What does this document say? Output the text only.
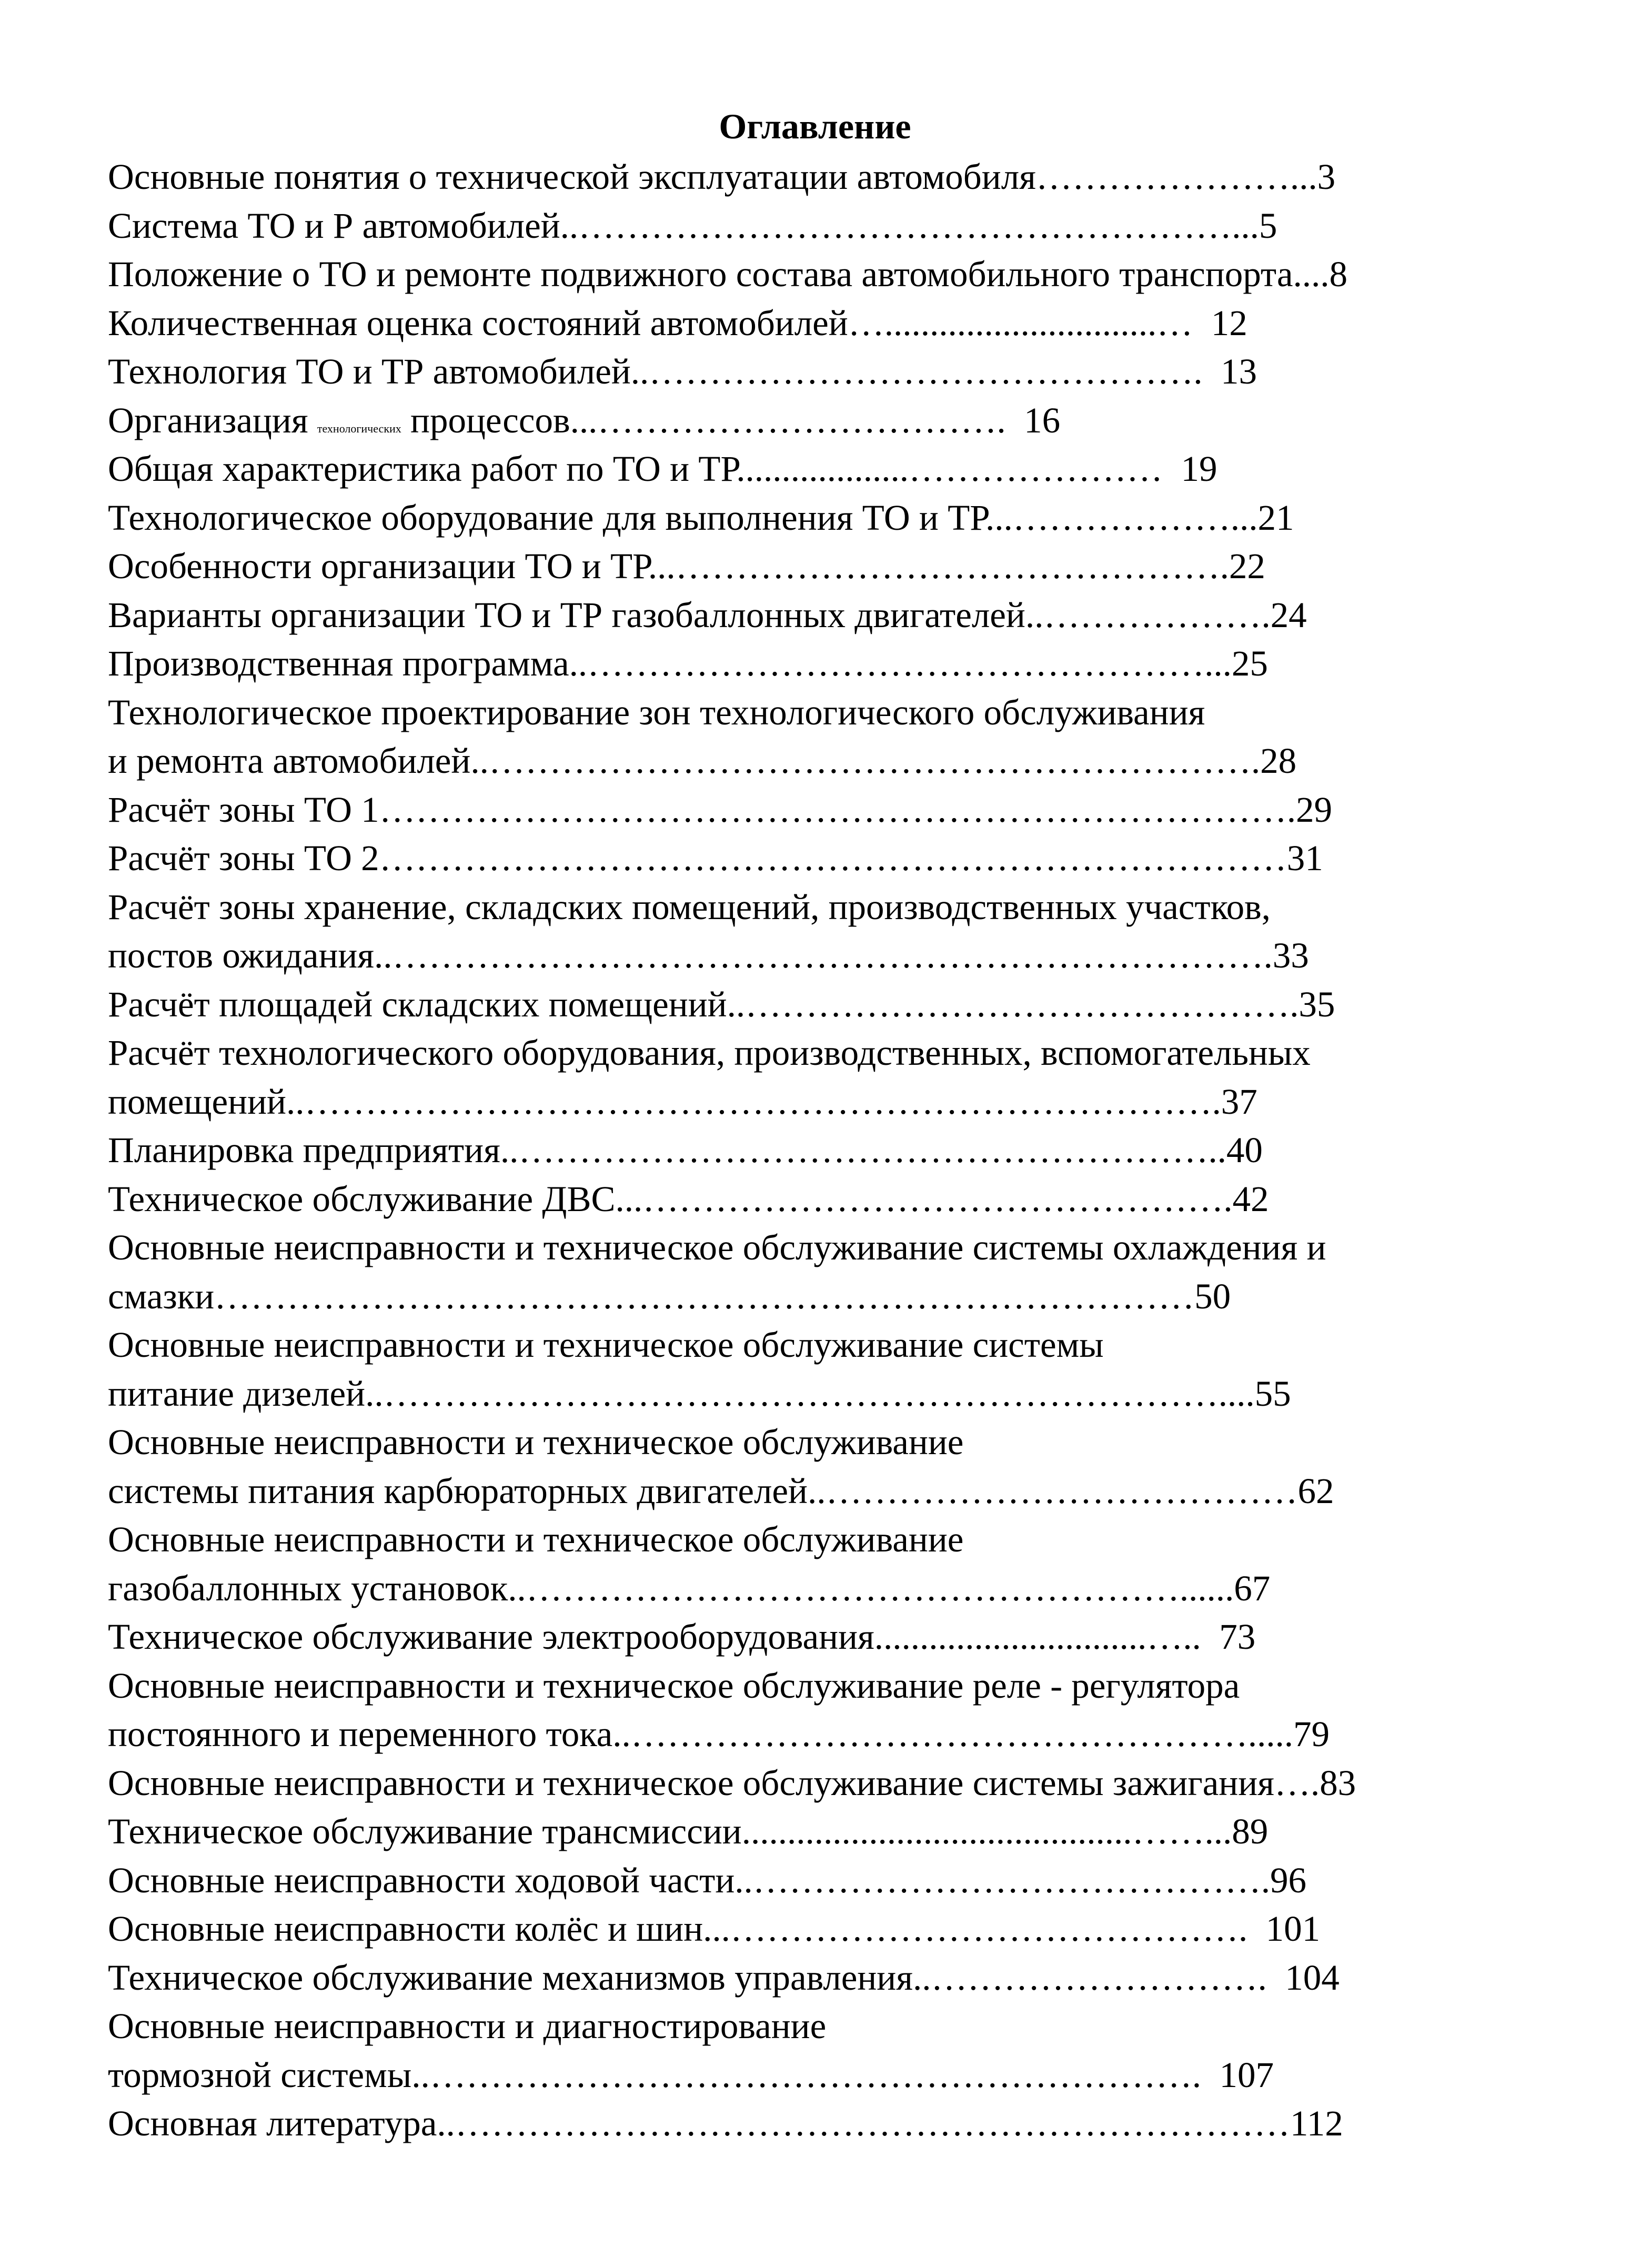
Оглавление
Основные понятия о технической эксплуатации автомобиля…………………...3
Система ТО и Р автомобилей..………………………………………………...5
Положение о ТО и ремонте подвижного состава автомобильного транспорта....8
Количественная оценка состояний автомобилей…..............................…  12
Технология ТО и ТР автомобилей..……………………………………….  13
Организация технологических процессов...…………………………….  16
Общая характеристика работ по ТО и ТР...................…………………  19
Технологическое оборудование для выполнения ТО и ТР...………………...21
Особенности организации ТО и ТР...……………………………………….22
Варианты организации ТО и ТР газобаллонных двигателей..……………….24
Производственная программа..……………………………………………...25
Технологическое проектирование зон технологического обслуживания
и ремонта автомобилей..……………………………………………………….28
Расчёт зоны ТО 1………………………………………………………………….29
Расчёт зоны ТО 2…………………………………………………………………31
Расчёт зоны хранение, складских помещений, производственных участков,
постов ожидания..……………………………………………………………….33
Расчёт площадей складских помещений..……………………………………….35
Расчёт технологического оборудования, производственных, вспомогательных
помещений..………………………………………………………………….37
Планировка предприятия..…………………………………………………..40
Техническое обслуживание ДВС...………………………………………….42
Основные неисправности и техническое обслуживание системы охлаждения и
смазки………………………………………………………………………50
Основные неисправности и техническое обслуживание системы
питание дизелей..……………………………………………………………....55
Основные неисправности и техническое обслуживание
системы питания карбюраторных двигателей..…………………………………62
Основные неисправности и техническое обслуживание
газобаллонных установок..………………………………………………......67
Техническое обслуживание электрооборудования..............................…..  73
Основные неисправности и техническое обслуживание реле - регулятора
постоянного и переменного тока..…………………………………………….....79
Основные неисправности и техническое обслуживание системы зажигания….83
Техническое обслуживание трансмиссии...........................................……...89
Основные неисправности ходовой части..…………………………………….96
Основные неисправности колёс и шин...…………………………………….  101
Техническое обслуживание механизмов управления..……………………….  104
Основные неисправности и диагностирование
тормозной системы..……………………………………………………….  107
Основная литература..……………………………………………………………112
